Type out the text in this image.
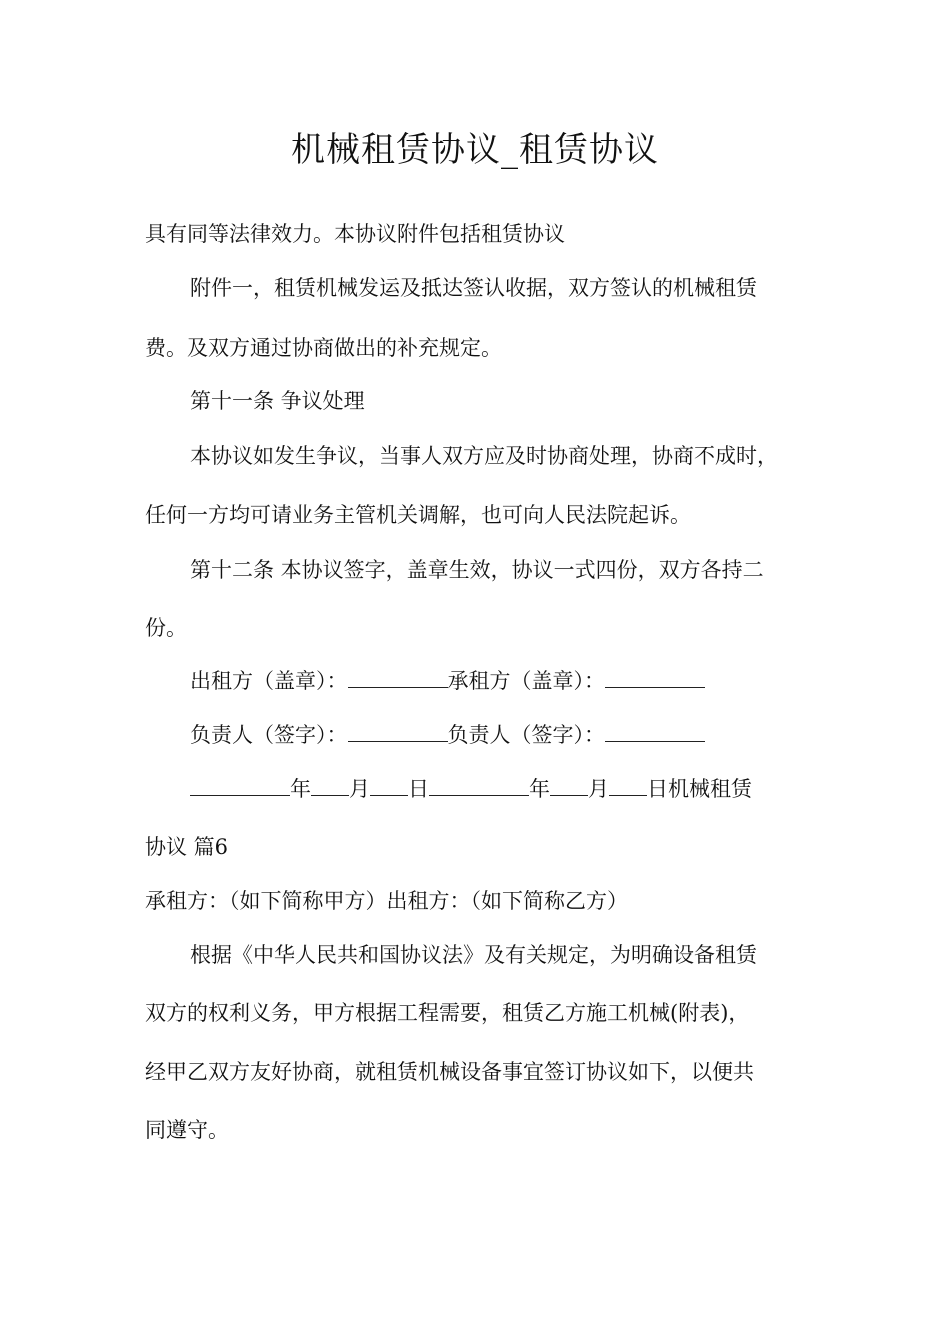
机械租赁协议_租赁协议
具有同等法律效力。本协议附件包括租赁协议
附件一，租赁机械发运及抵达签认收据，双方签认的机械租赁
费。及双方通过协商做出的补充规定。
第十一条 争议处理
本协议如发生争议，当事人双方应及时协商处理，协商不成时，
任何一方均可请业务主管机关调解，也可向人民法院起诉。
第十二条 本协议签字，盖章生效，协议一式四份，双方各持二
份。
出租方（盖章）：	承租方（盖章）：
负责人（签字）：	负责人（签字）：
年 月 日	年 月 日机械租赁
协议 篇6
承租方：（如下简称甲方）出租方：（如下简称乙方）
根据《中华人民共和国协议法》及有关规定，为明确设备租赁
双方的权利义务，甲方根据工程需要，租赁乙方施工机械(附表)，
经甲乙双方友好协商，就租赁机械设备事宜签订协议如下，以便共
同遵守。
